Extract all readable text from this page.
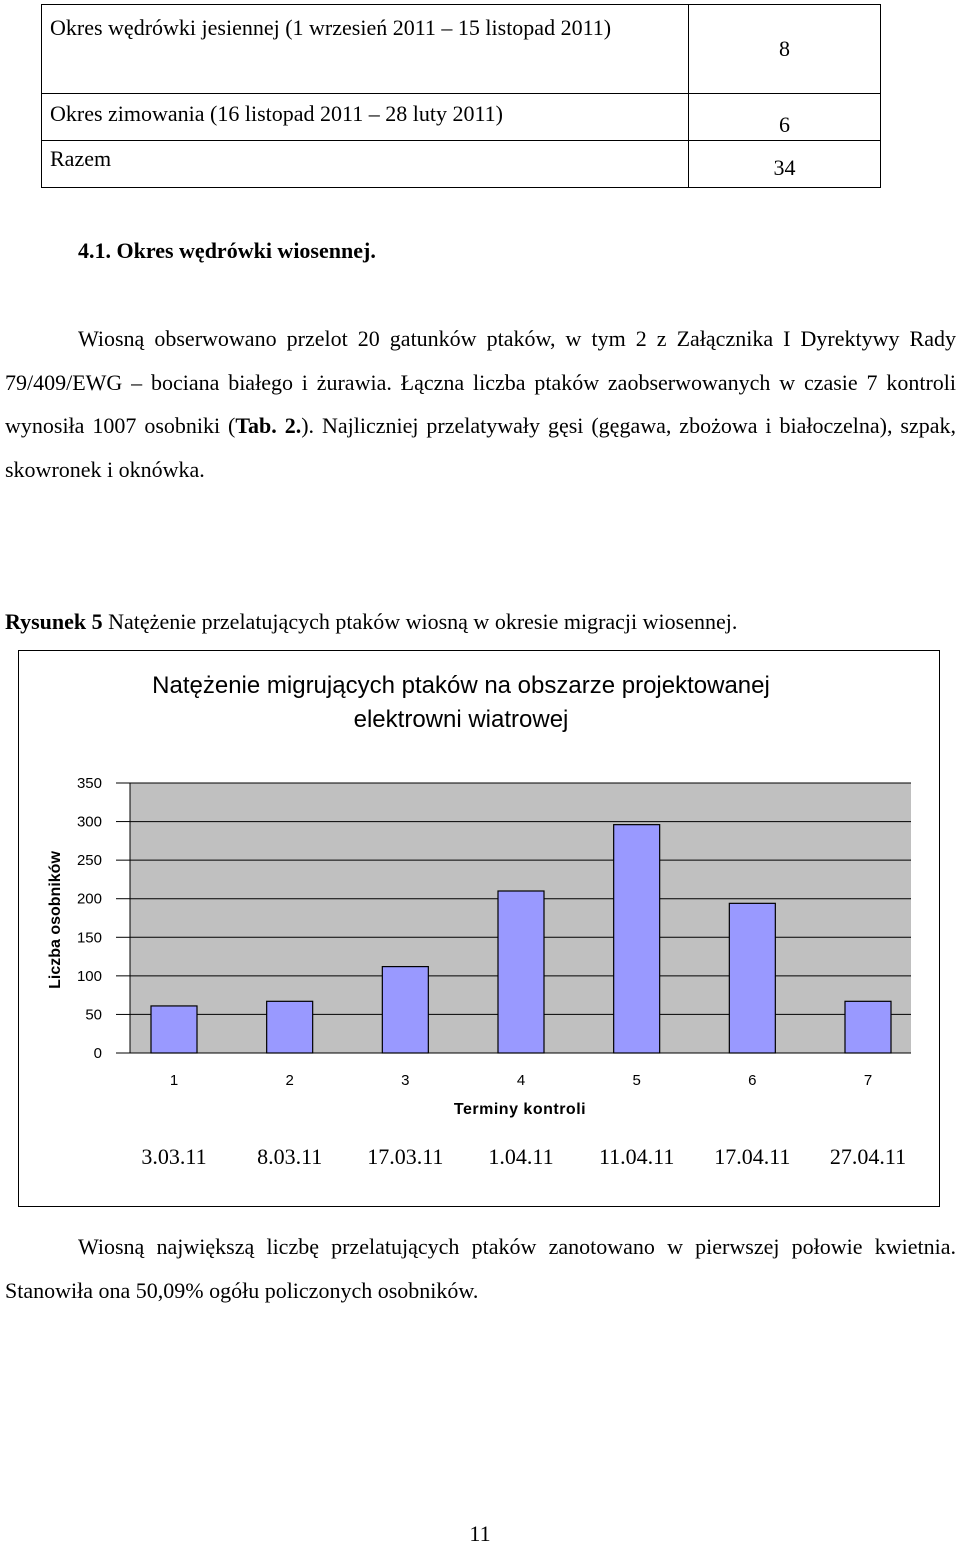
Okres wędrówki jesiennej (1 wrzesień 2011 – 15 listopad 2011)	8
Okres zimowania (16 listopad 2011 – 28 luty 2011)	6
Razem	34
4.1. Okres wędrówki wiosennej.
Wiosną obserwowano przelot 20 gatunków ptaków, w tym 2 z Załącznika I Dyrektywy Rady 79/409/EWG – bociana białego i żurawia. Łączna liczba ptaków zaobserwowanych w czasie 7 kontroli wynosiła 1007 osobniki (Tab. 2.). Najliczniej przelatywały gęsi (gęgawa, zbożowa i białoczelna), szpak, skowronek i oknówka.
Rysunek 5 Natężenie przelatujących ptaków wiosną w okresie migracji wiosennej.
Natężenie migrujących ptaków na obszarze projektowanej
elektrowni wiatrowej
Liczba osobników
Terminy kontroli
0
50
100
150
200
250
300
350
1	2	3	4	5	6	7
3.03.11 8.03.11 17.03.11 1.04.11 11.04.11 17.04.11 27.04.11
Wiosną największą liczbę przelatujących ptaków zanotowano w pierwszej połowie kwietnia. Stanowiła ona 50,09% ogółu policzonych osobników.
11
